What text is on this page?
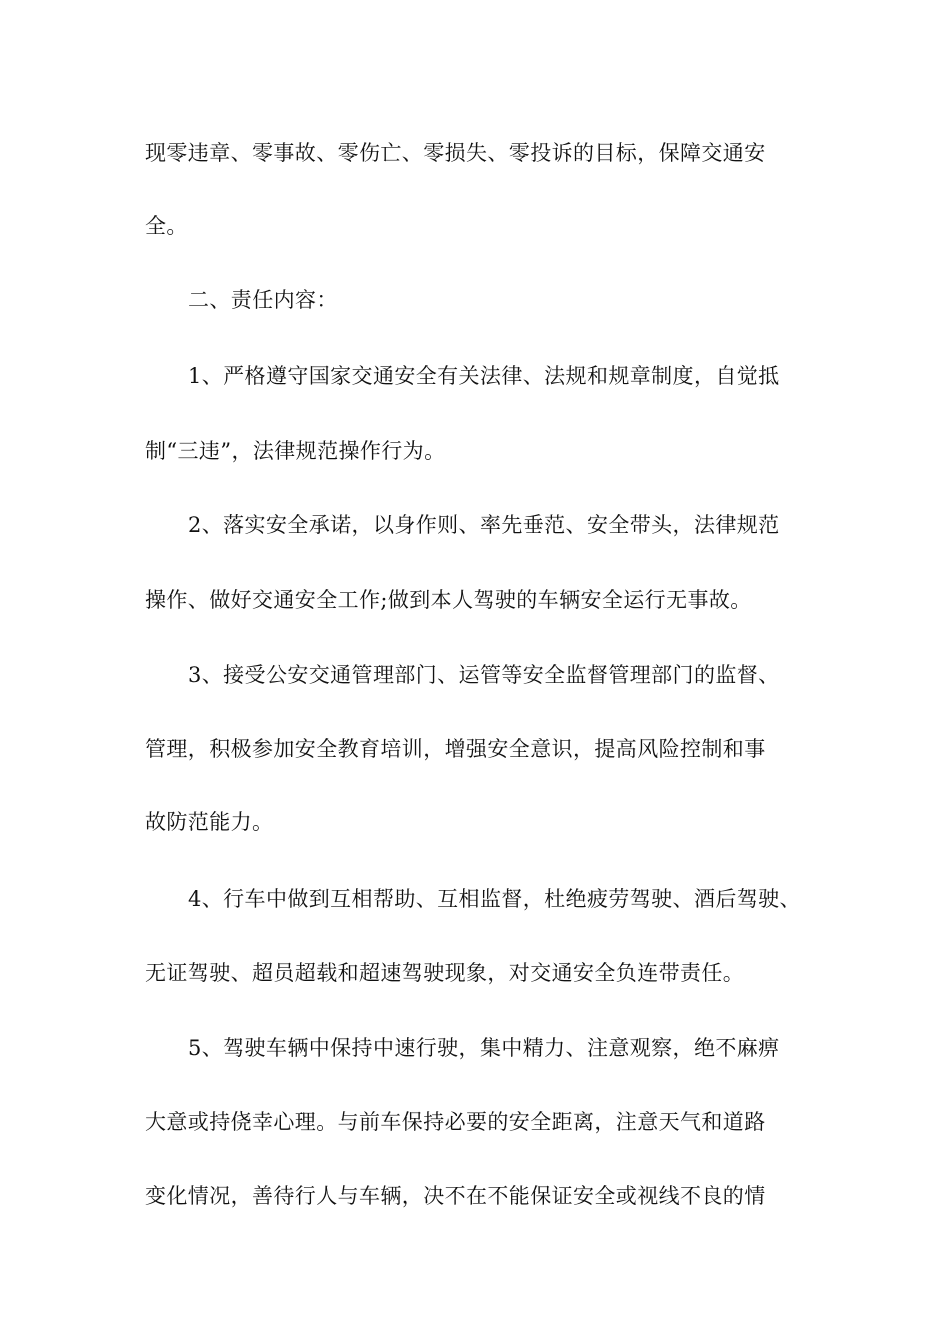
现零违章、零事故、零伤亡、零损失、零投诉的目标，保障交通安
全。
二、责任内容：
1、严格遵守国家交通安全有关法律、法规和规章制度，自觉抵
制“三违”，法律规范操作行为。
2、落实安全承诺，以身作则、率先垂范、安全带头，法律规范
操作、做好交通安全工作;做到本人驾驶的车辆安全运行无事故。
3、接受公安交通管理部门、运管等安全监督管理部门的监督、
管理，积极参加安全教育培训，增强安全意识，提高风险控制和事
故防范能力。
4、行车中做到互相帮助、互相监督，杜绝疲劳驾驶、酒后驾驶、
无证驾驶、超员超载和超速驾驶现象，对交通安全负连带责任。
5、驾驶车辆中保持中速行驶，集中精力、注意观察，绝不麻痹
大意或持侥幸心理。与前车保持必要的安全距离，注意天气和道路
变化情况，善待行人与车辆，决不在不能保证安全或视线不良的情
